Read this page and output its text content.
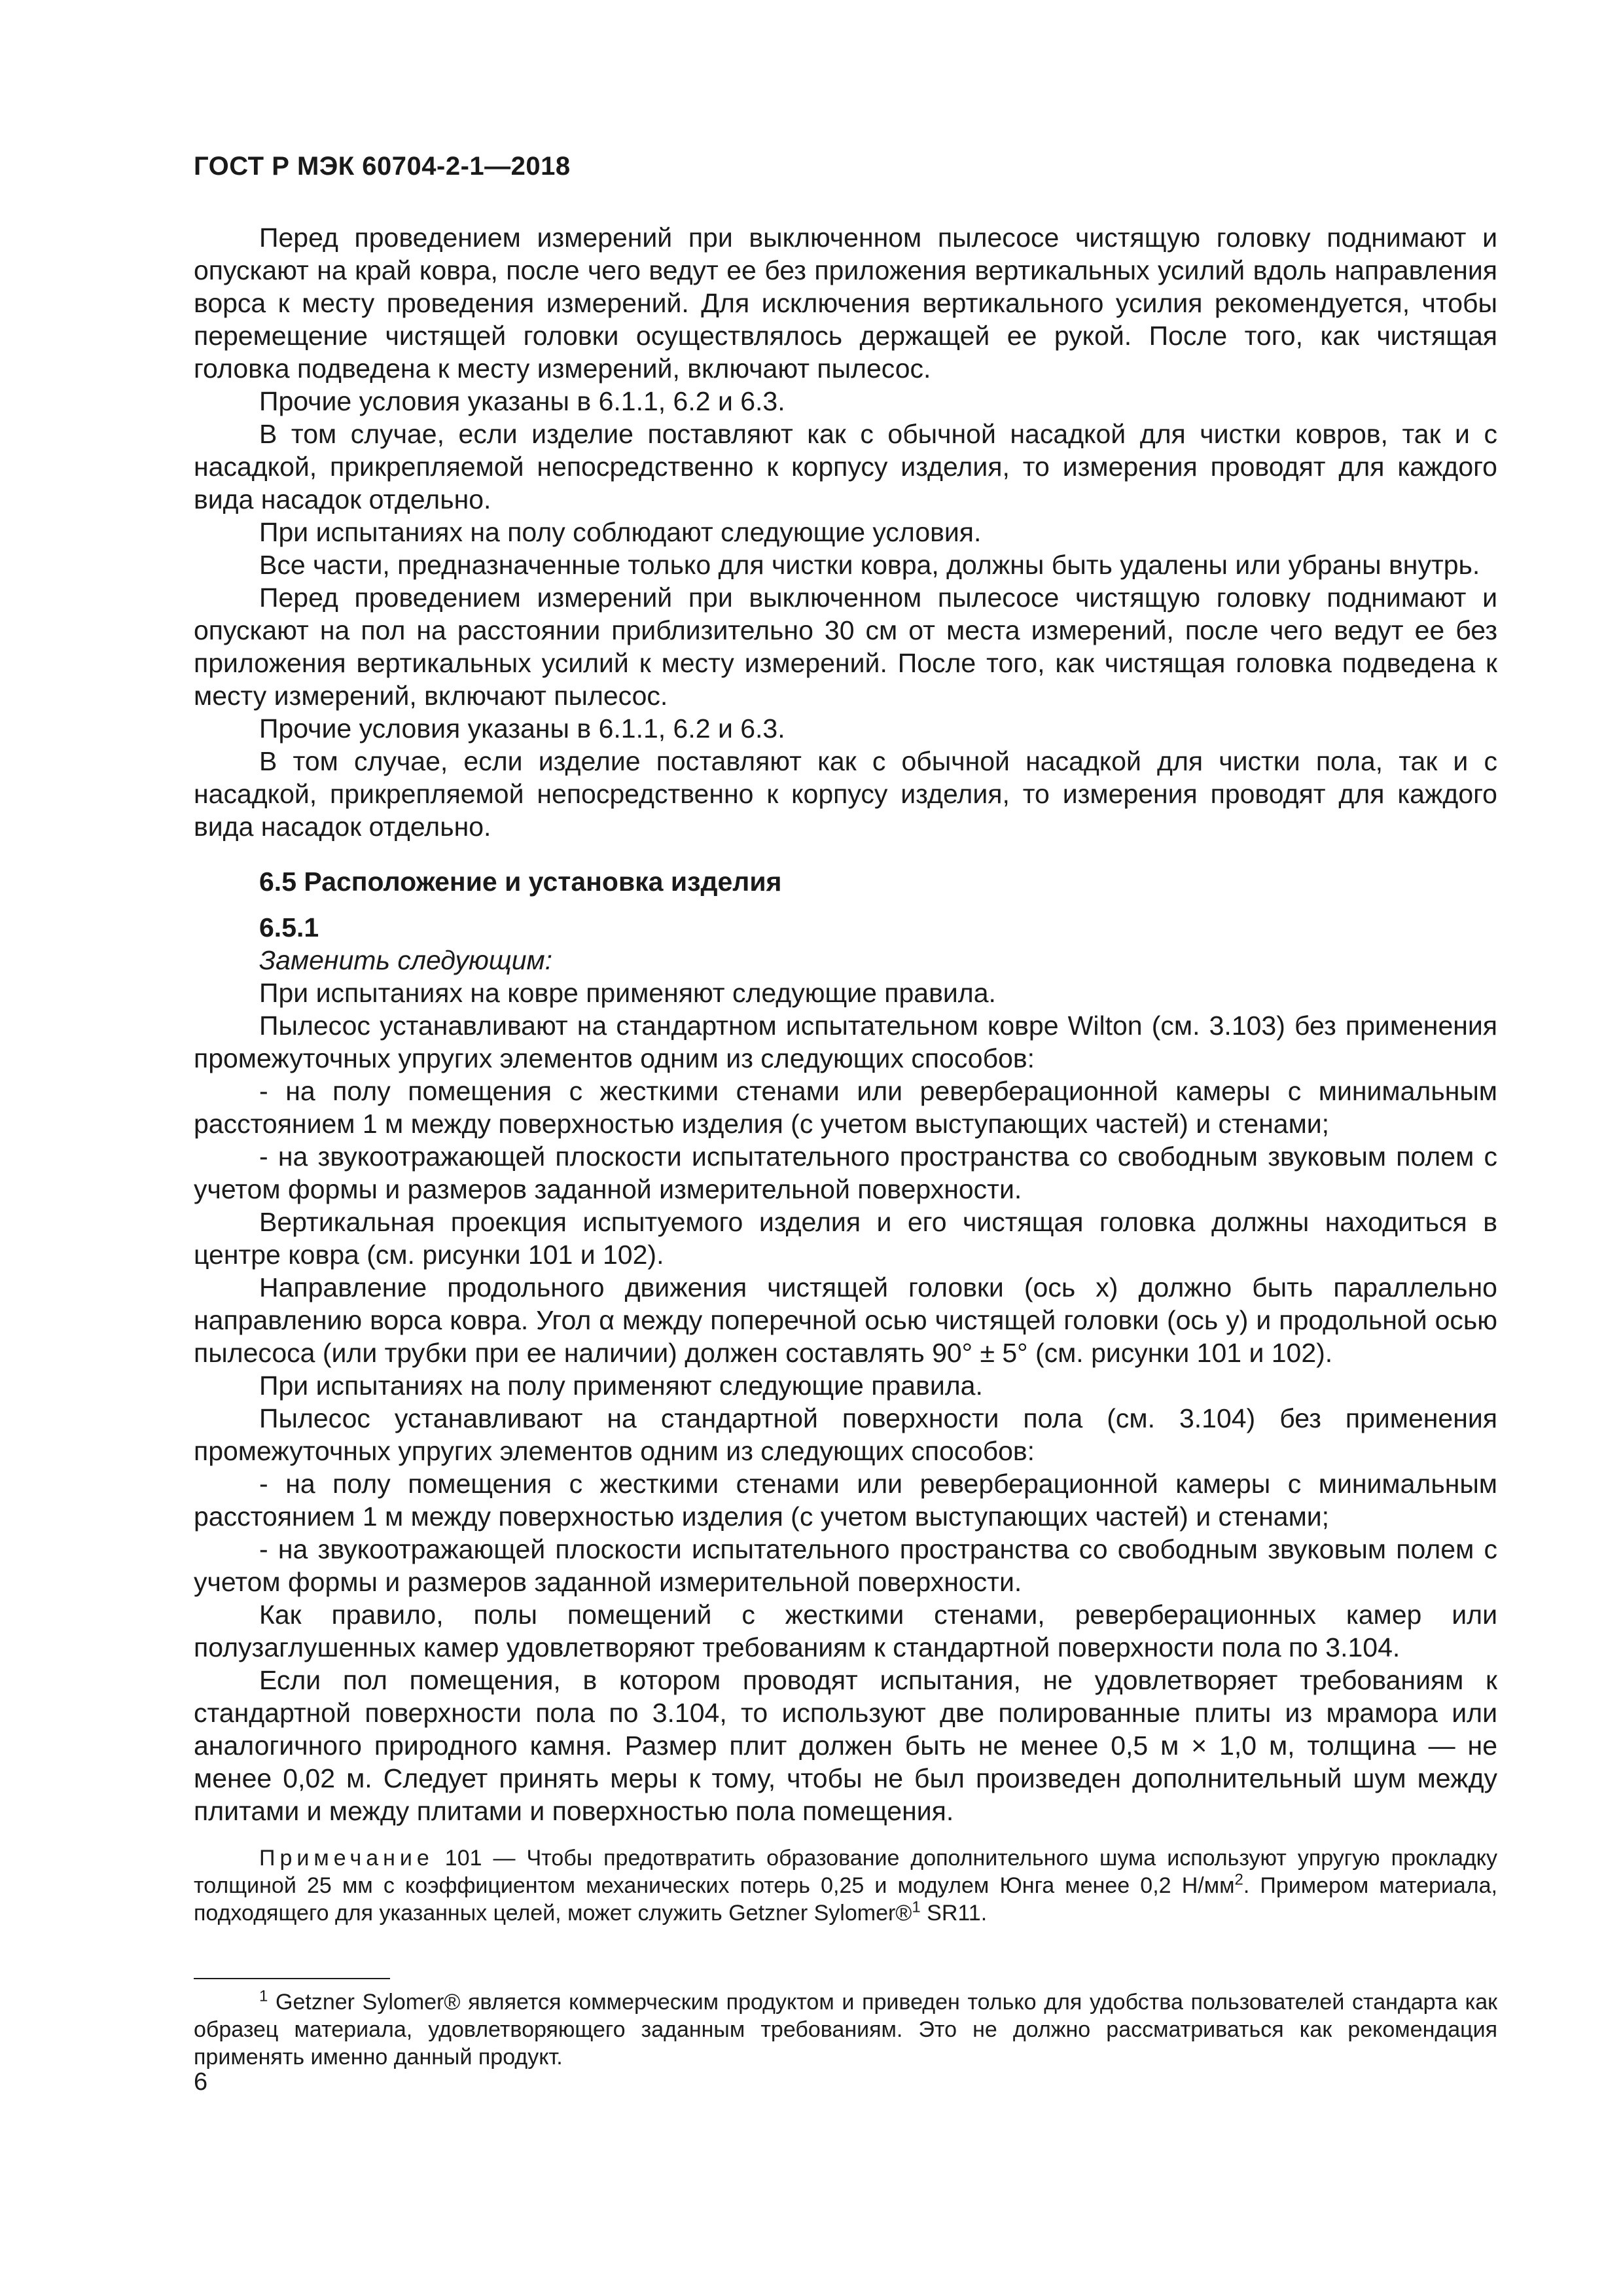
ГОСТ Р МЭК 60704-2-1—2018

Перед проведением измерений при выключенном пылесосе чистящую головку поднимают и опускают на край ковра, после чего ведут ее без приложения вертикальных усилий вдоль направления ворса к месту проведения измерений. Для исключения вертикального усилия рекомендуется, чтобы перемещение чистящей головки осуществлялось держащей ее рукой. После того, как чистящая головка подведена к месту измерений, включают пылесос.

Прочие условия указаны в 6.1.1, 6.2 и 6.3.

В том случае, если изделие поставляют как с обычной насадкой для чистки ковров, так и с насадкой, прикрепляемой непосредственно к корпусу изделия, то измерения проводят для каждого вида насадок отдельно.

При испытаниях на полу соблюдают следующие условия.

Все части, предназначенные только для чистки ковра, должны быть удалены или убраны внутрь.

Перед проведением измерений при выключенном пылесосе чистящую головку поднимают и опускают на пол на расстоянии приблизительно 30 см от места измерений, после чего ведут ее без приложения вертикальных усилий к месту измерений. После того, как чистящая головка подведена к месту измерений, включают пылесос.

Прочие условия указаны в 6.1.1, 6.2 и 6.3.

В том случае, если изделие поставляют как с обычной насадкой для чистки пола, так и с насадкой, прикрепляемой непосредственно к корпусу изделия, то измерения проводят для каждого вида насадок отдельно.

6.5 Расположение и установка изделия

6.5.1

Заменить следующим:

При испытаниях на ковре применяют следующие правила.

Пылесос устанавливают на стандартном испытательном ковре Wilton (см. 3.103) без применения промежуточных упругих элементов одним из следующих способов:

- на полу помещения с жесткими стенами или реверберационной камеры с минимальным расстоянием 1 м между поверхностью изделия (с учетом выступающих частей) и стенами;

- на звукоотражающей плоскости испытательного пространства со свободным звуковым полем с учетом формы и размеров заданной измерительной поверхности.

Вертикальная проекция испытуемого изделия и его чистящая головка должны находиться в центре ковра (см. рисунки 101 и 102).

Направление продольного движения чистящей головки (ось x) должно быть параллельно направлению ворса ковра. Угол α между поперечной осью чистящей головки (ось y) и продольной осью пылесоса (или трубки при ее наличии) должен составлять 90° ± 5° (см. рисунки 101 и 102).

При испытаниях на полу применяют следующие правила.

Пылесос устанавливают на стандартной поверхности пола (см. 3.104) без применения промежуточных упругих элементов одним из следующих способов:

- на полу помещения с жесткими стенами или реверберационной камеры с минимальным расстоянием 1 м между поверхностью изделия (с учетом выступающих частей) и стенами;

- на звукоотражающей плоскости испытательного пространства со свободным звуковым полем с учетом формы и размеров заданной измерительной поверхности.

Как правило, полы помещений с жесткими стенами, реверберационных камер или полузаглушенных камер удовлетворяют требованиям к стандартной поверхности пола по 3.104.

Если пол помещения, в котором проводят испытания, не удовлетворяет требованиям к стандартной поверхности пола по 3.104, то используют две полированные плиты из мрамора или аналогичного природного камня. Размер плит должен быть не менее 0,5 м × 1,0 м, толщина — не менее 0,02 м. Следует принять меры к тому, чтобы не был произведен дополнительный шум между плитами и между плитами и поверхностью пола помещения.

Примечание 101 — Чтобы предотвратить образование дополнительного шума используют упругую прокладку толщиной 25 мм с коэффициентом механических потерь 0,25 и модулем Юнга менее 0,2 $Н/мм^2$. Примером материала, подходящего для указанных целей, может служить Getzner Sylomer®$^1$ SR11.

$^1$ Getzner Sylomer® является коммерческим продуктом и приведен только для удобства пользователей стандарта как образец материала, удовлетворяющего заданным требованиям. Это не должно рассматриваться как рекомендация применять именно данный продукт.

6
